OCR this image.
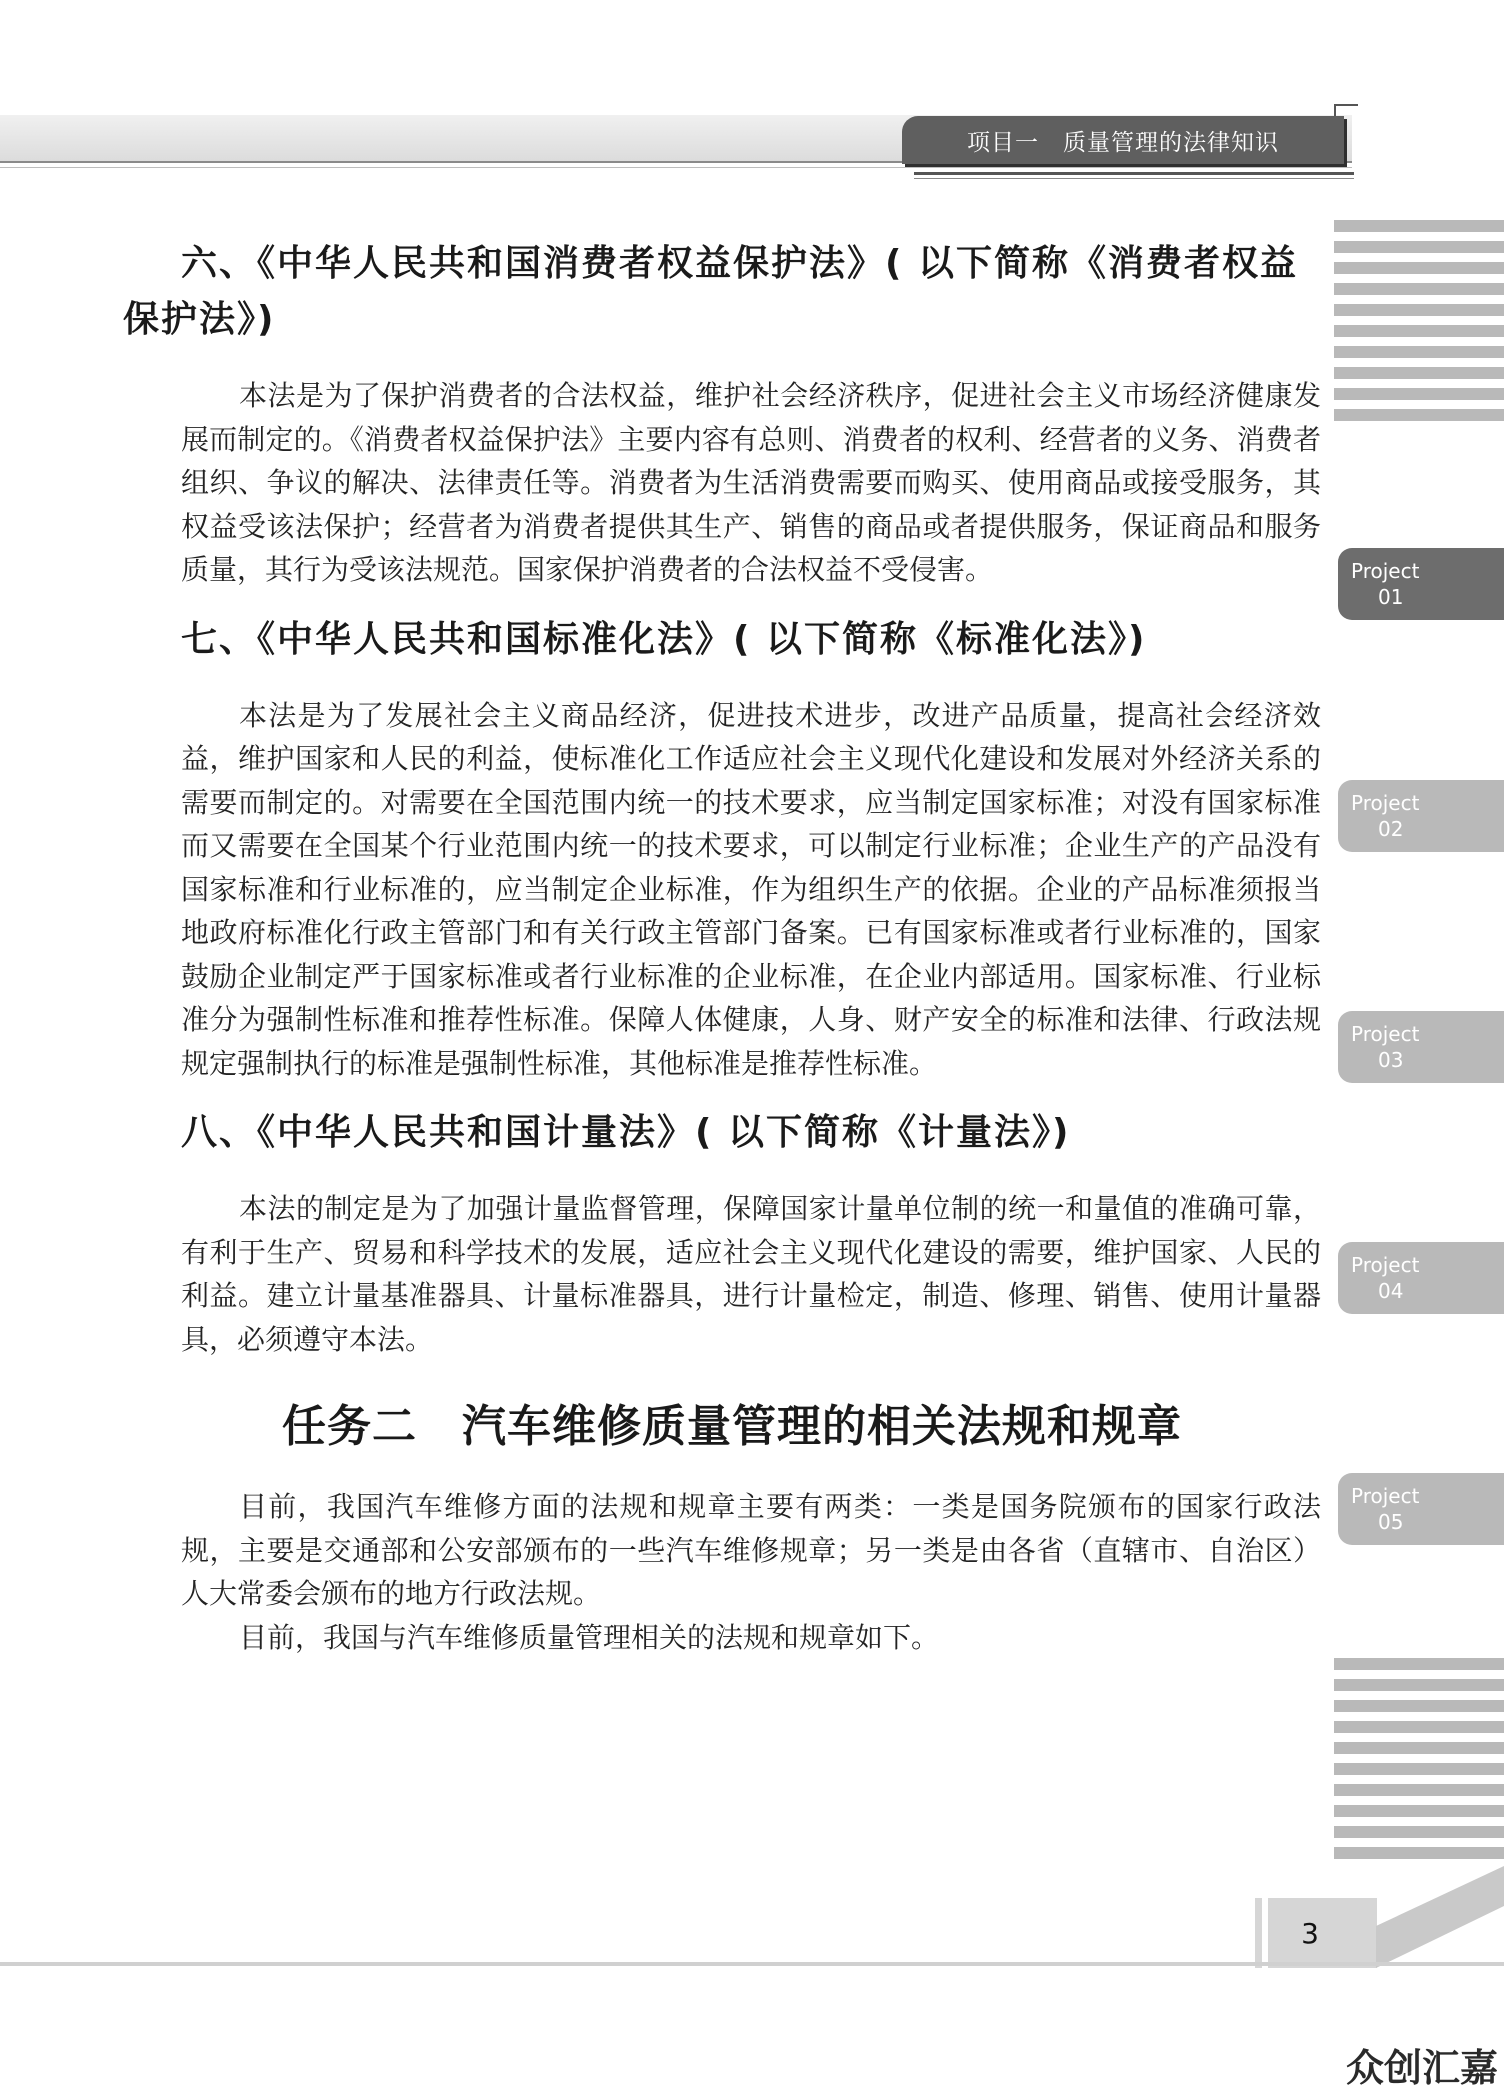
项目一　质量管理的法律知识
Project
01
Project
02
Project
03
Project
04
Project
05
六、《中华人民共和国消费者权益保护法》( 以下简称《消费者权益保护法》)

本法是为了保护消费者的合法权益，维护社会经济秩序，促进社会主义市场经济健康发展而制定的。《消费者权益保护法》主要内容有总则、消费者的权利、经营者的义务、消费者组织、争议的解决、法律责任等。消费者为生活消费需要而购买、使用商品或接受服务，其权益受该法保护；经营者为消费者提供其生产、销售的商品或者提供服务，保证商品和服务质量，其行为受该法规范。国家保护消费者的合法权益不受侵害。

七、《中华人民共和国标准化法》( 以下简称《标准化法》)

本法是为了发展社会主义商品经济，促进技术进步，改进产品质量，提高社会经济效益，维护国家和人民的利益，使标准化工作适应社会主义现代化建设和发展对外经济关系的需要而制定的。对需要在全国范围内统一的技术要求，应当制定国家标准；对没有国家标准而又需要在全国某个行业范围内统一的技术要求，可以制定行业标准；企业生产的产品没有国家标准和行业标准的，应当制定企业标准，作为组织生产的依据。企业的产品标准须报当地政府标准化行政主管部门和有关行政主管部门备案。已有国家标准或者行业标准的，国家鼓励企业制定严于国家标准或者行业标准的企业标准，在企业内部适用。国家标准、行业标准分为强制性标准和推荐性标准。保障人体健康，人身、财产安全的标准和法律、行政法规规定强制执行的标准是强制性标准，其他标准是推荐性标准。

八、《中华人民共和国计量法》( 以下简称《计量法》)

本法的制定是为了加强计量监督管理，保障国家计量单位制的统一和量值的准确可靠，有利于生产、贸易和科学技术的发展，适应社会主义现代化建设的需要，维护国家、人民的利益。建立计量基准器具、计量标准器具，进行计量检定，制造、修理、销售、使用计量器具，必须遵守本法。

任务二　汽车维修质量管理的相关法规和规章

目前，我国汽车维修方面的法规和规章主要有两类：一类是国务院颁布的国家行政法规，主要是交通部和公安部颁布的一些汽车维修规章；另一类是由各省（直辖市、自治区）人大常委会颁布的地方行政法规。

目前，我国与汽车维修质量管理相关的法规和规章如下。

3
众创汇嘉
